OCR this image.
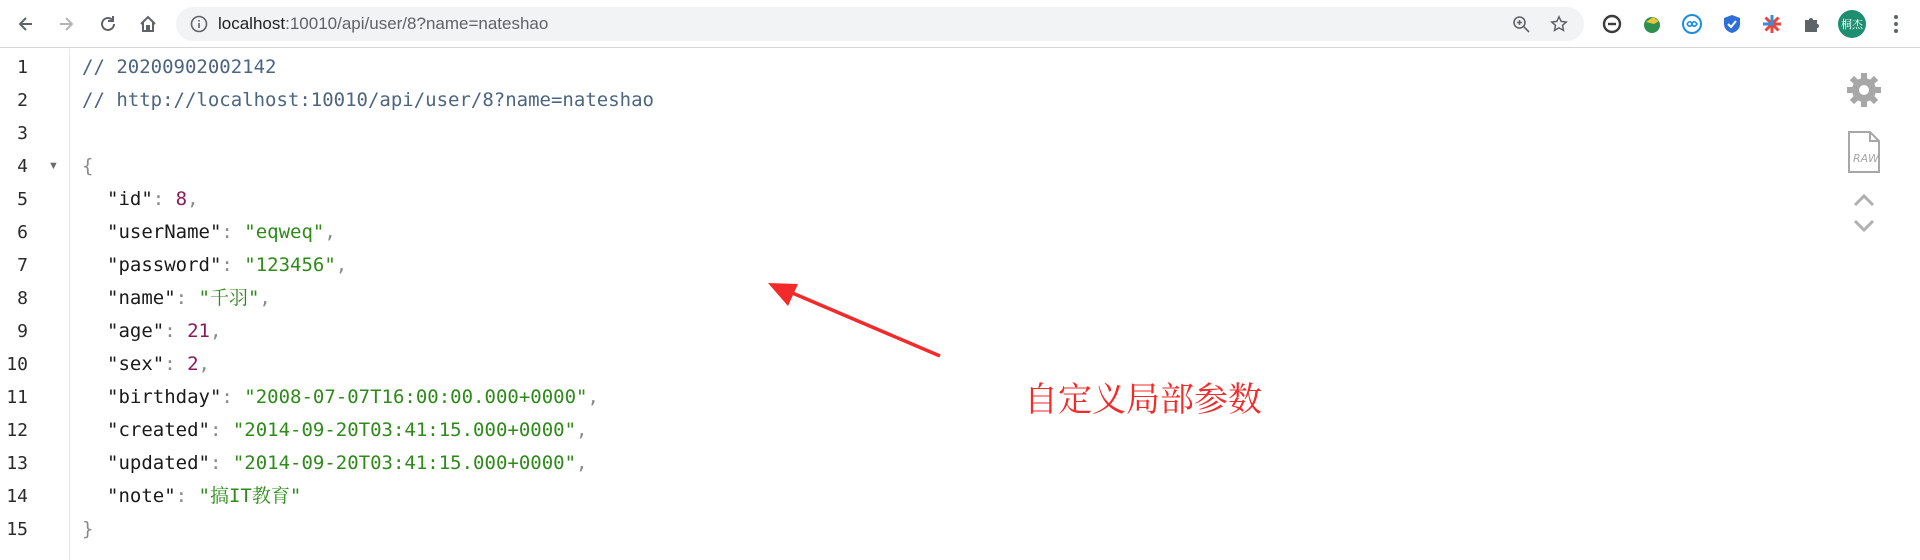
localhost:10010/api/user/8?name=nateshao	桐杰
1
2
3
4 ▼
5
6
7
8
9
10
11
12
13
14
15
// 20200902002142
// http://localhost:10010/api/user/8?name=nateshao
{
"id": 8,
"userName": "eqweq",
"password": "123456",
"name": "千羽",
"age": 21,
"sex": 2,
"birthday": "2008-07-07T16:00:00.000+0000",
"created": "2014-09-20T03:41:15.000+0000",
"updated": "2014-09-20T03:41:15.000+0000",
"note": "搞IT教育"
}
RAW
自定义局部参数
